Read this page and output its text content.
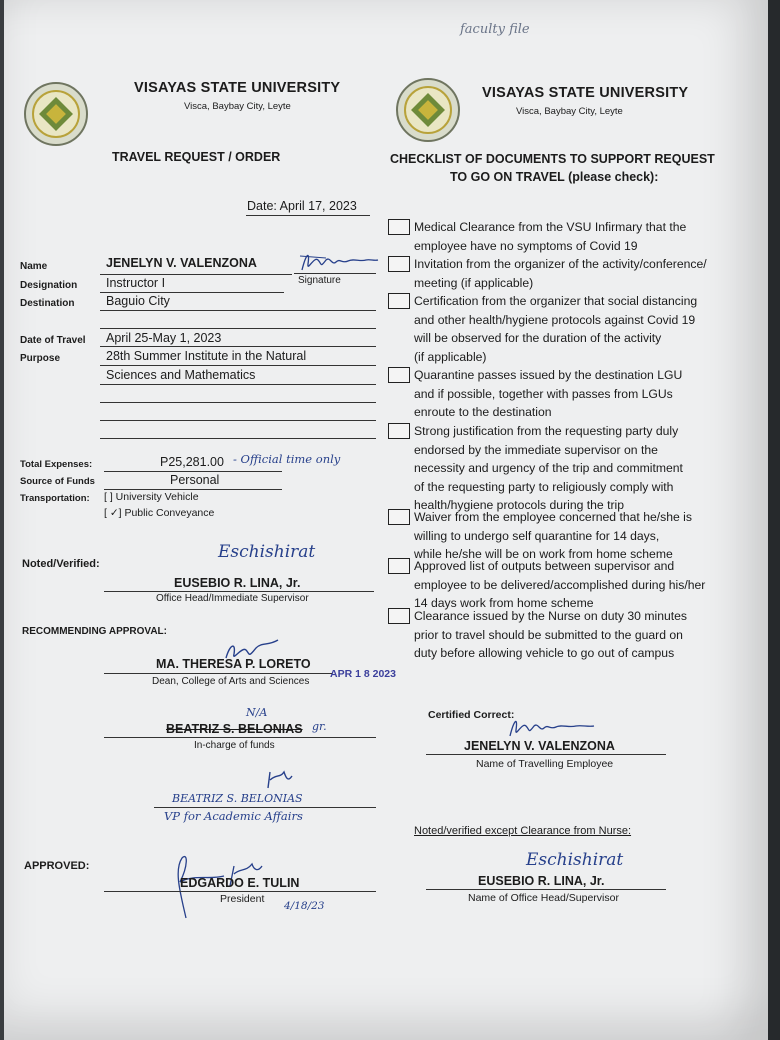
faculty file
VISAYAS STATE UNIVERSITY
Visca, Baybay City, Leyte
TRAVEL REQUEST / ORDER
VISAYAS STATE UNIVERSITY
Visca, Baybay City, Leyte
CHECKLIST OF DOCUMENTS TO SUPPORT REQUEST
TO GO ON TRAVEL (please check):
Date: April 17, 2023
Name	JENELYN V. VALENZONA
Signature
Designation Instructor I
Destination	Baguio City
Date of Travel April 25-May 1, 2023
Purpose	28th Summer Institute in the Natural
Sciences and Mathematics
Total Expenses:	P25,281.00 - Official time only
Source of Funds	Personal
Transportation: [ ] University Vehicle
[ ✓] Public Conveyance
Noted/Verified:
Eschishirat
EUSEBIO R. LINA, Jr.
Office Head/Immediate Supervisor
RECOMMENDING APPROVAL:
MA. THERESA P. LORETO
APR 1 8 2023
Dean, College of Arts and Sciences
N/A
BEATRIZ S. BELONIAS gr.
In-charge of funds
BEATRIZ S. BELONIAS
VP for Academic Affairs
APPROVED:
EDGARDO E. TULIN
President
4/18/23
Medical Clearance from the VSU Infirmary that the
employee have no symptoms of Covid 19
Invitation from the organizer of the activity/conference/
meeting (if applicable)
Certification from the organizer that social distancing
and other health/hygiene protocols against Covid 19
will be observed for the duration of the activity
(if applicable)
Quarantine passes issued by the destination LGU
and if possible, together with passes from LGUs
enroute to the destination
Strong justification from the requesting party duly
endorsed by the immediate supervisor on the
necessity and urgency of the trip and commitment
of the requesting party to religiously comply with
health/hygiene protocols during the trip
Waiver from the employee concerned that he/she is
willing to undergo self quarantine for 14 days,
while he/she will be on work from home scheme
Approved list of outputs between supervisor and
employee to be delivered/accomplished during his/her
14 days work from home scheme
Clearance issued by the Nurse on duty 30 minutes
prior to travel should be submitted to the guard on
duty before allowing vehicle to go out of campus
Certified Correct:
JENELYN V. VALENZONA
Name of Travelling Employee
Noted/verified except Clearance from Nurse:
Eschishirat
EUSEBIO R. LINA, Jr.
Name of Office Head/Supervisor
